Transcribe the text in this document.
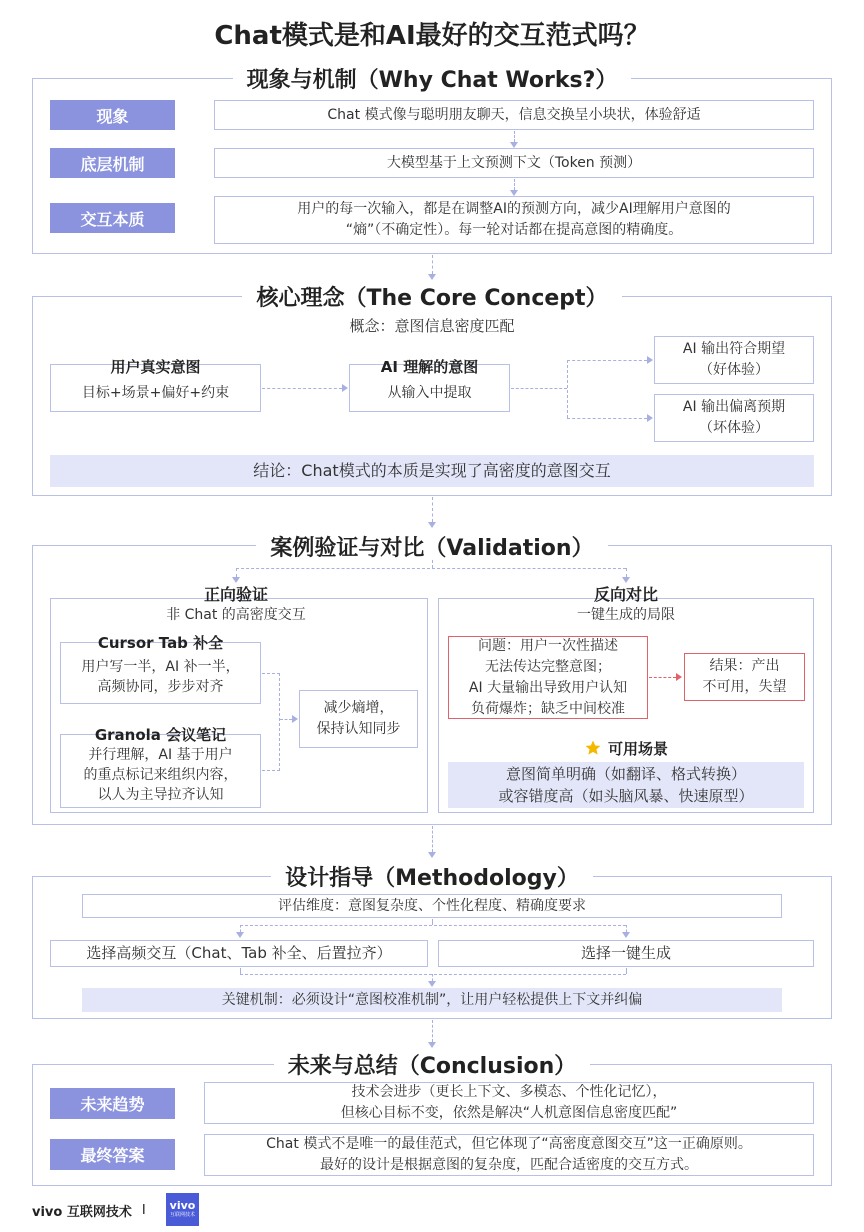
Chat模式是和AI最好的交互范式吗？
现象与机制（Why Chat Works?）
现象	Chat 模式像与聪明朋友聊天，信息交换呈小块状，体验舒适
底层机制	大模型基于上文预测下文（Token 预测）
交互本质
用户的每一次输入，都是在调整AI的预测方向，减少AI理解用户意图的
“熵”（不确定性）。每一轮对话都在提高意图的精确度。
核心理念（The Core Concept）
概念：意图信息密度匹配
用户真实意图
目标+场景+偏好+约束
AI 理解的意图
从输入中提取
AI 输出符合期望
（好体验）
AI 输出偏离预期
（坏体验）
结论：Chat模式的本质是实现了高密度的意图交互
案例验证与对比（Validation）
正向验证
非 Chat 的高密度交互
Cursor Tab 补全
用户写一半，AI 补一半，
高频协同，步步对齐
Granola 会议笔记
并行理解，AI 基于用户
的重点标记来组织内容，
以人为主导拉齐认知
减少熵增，
保持认知同步
反向对比
一键生成的局限
问题：用户一次性描述
无法传达完整意图；
AI 大量输出导致用户认知
负荷爆炸；缺乏中间校准
结果：产出
不可用，失望
可用场景
意图简单明确（如翻译、格式转换）
或容错度高（如头脑风暴、快速原型）
设计指导（Methodology）
评估维度：意图复杂度、个性化程度、精确度要求
选择高频交互（Chat、Tab 补全、后置拉齐）	选择一键生成
关键机制：必须设计“意图校准机制”，让用户轻松提供上下文并纠偏
未来与总结（Conclusion）
未来趋势
技术会进步（更长上下文、多模态、个性化记忆），
但核心目标不变，依然是解决“人机意图信息密度匹配”
最终答案
Chat 模式不是唯一的最佳范式，但它体现了“高密度意图交互”这一正确原则。
最好的设计是根据意图的复杂度，匹配合适密度的交互方式。
vivo 互联网技术 I vivo
互联网技术
